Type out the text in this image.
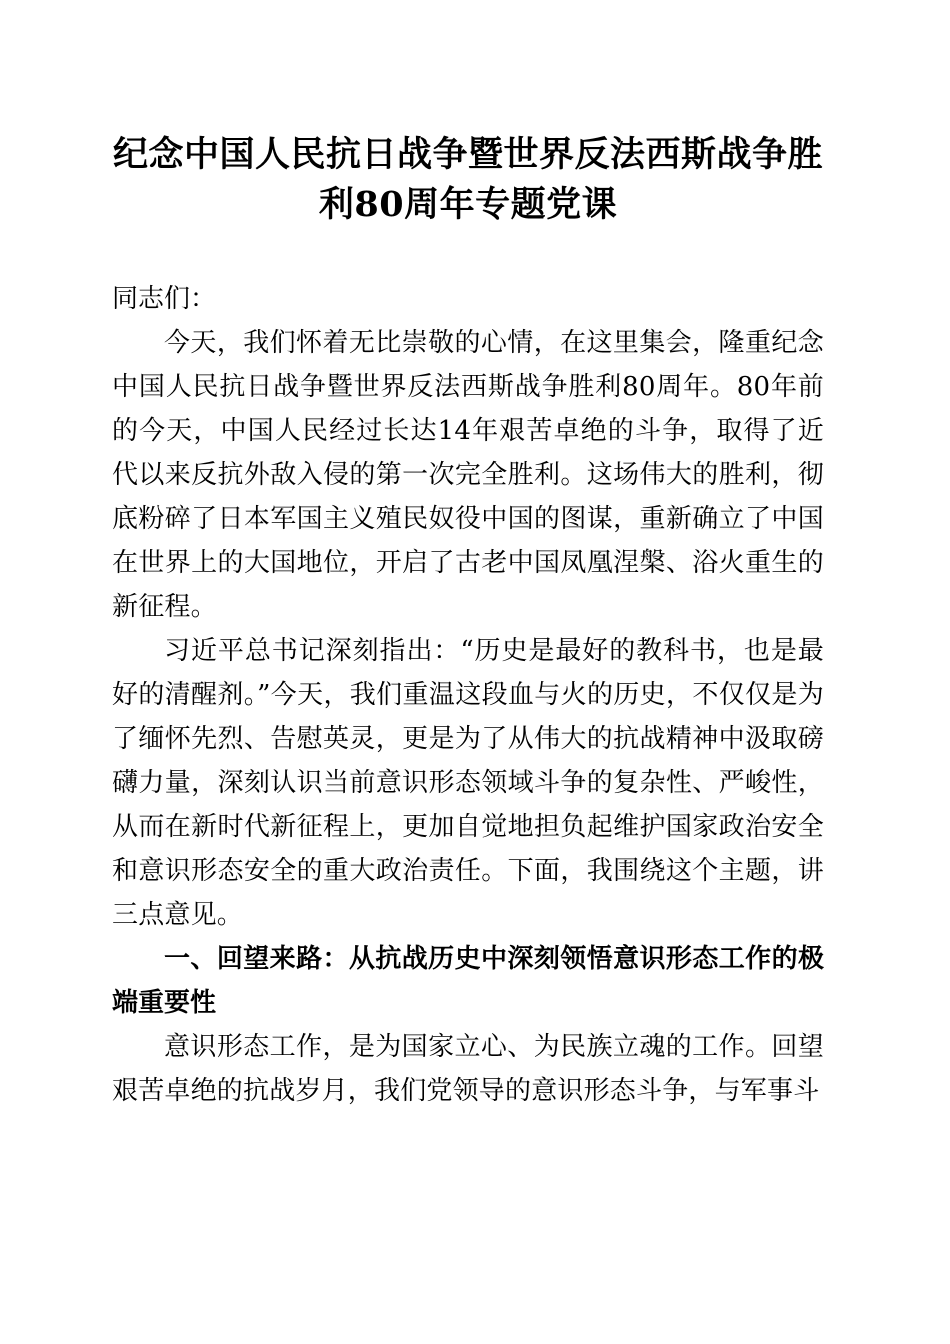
纪念中国人民抗日战争暨世界反法西斯战争胜利80周年专题党课

同志们：

今天，我们怀着无比崇敬的心情，在这里集会，隆重纪念中国人民抗日战争暨世界反法西斯战争胜利80周年。80年前的今天，中国人民经过长达14年艰苦卓绝的斗争，取得了近代以来反抗外敌入侵的第一次完全胜利。这场伟大的胜利，彻底粉碎了日本军国主义殖民奴役中国的图谋，重新确立了中国在世界上的大国地位，开启了古老中国凤凰涅槃、浴火重生的新征程。

习近平总书记深刻指出：“历史是最好的教科书，也是最好的清醒剂。”今天，我们重温这段血与火的历史，不仅仅是为了缅怀先烈、告慰英灵，更是为了从伟大的抗战精神中汲取磅礴力量，深刻认识当前意识形态领域斗争的复杂性、严峻性，从而在新时代新征程上，更加自觉地担负起维护国家政治安全和意识形态安全的重大政治责任。下面，我围绕这个主题，讲三点意见。

一、回望来路：从抗战历史中深刻领悟意识形态工作的极端重要性

意识形态工作，是为国家立心、为民族立魂的工作。回望艰苦卓绝的抗战岁月，我们党领导的意识形态斗争，与军事斗
